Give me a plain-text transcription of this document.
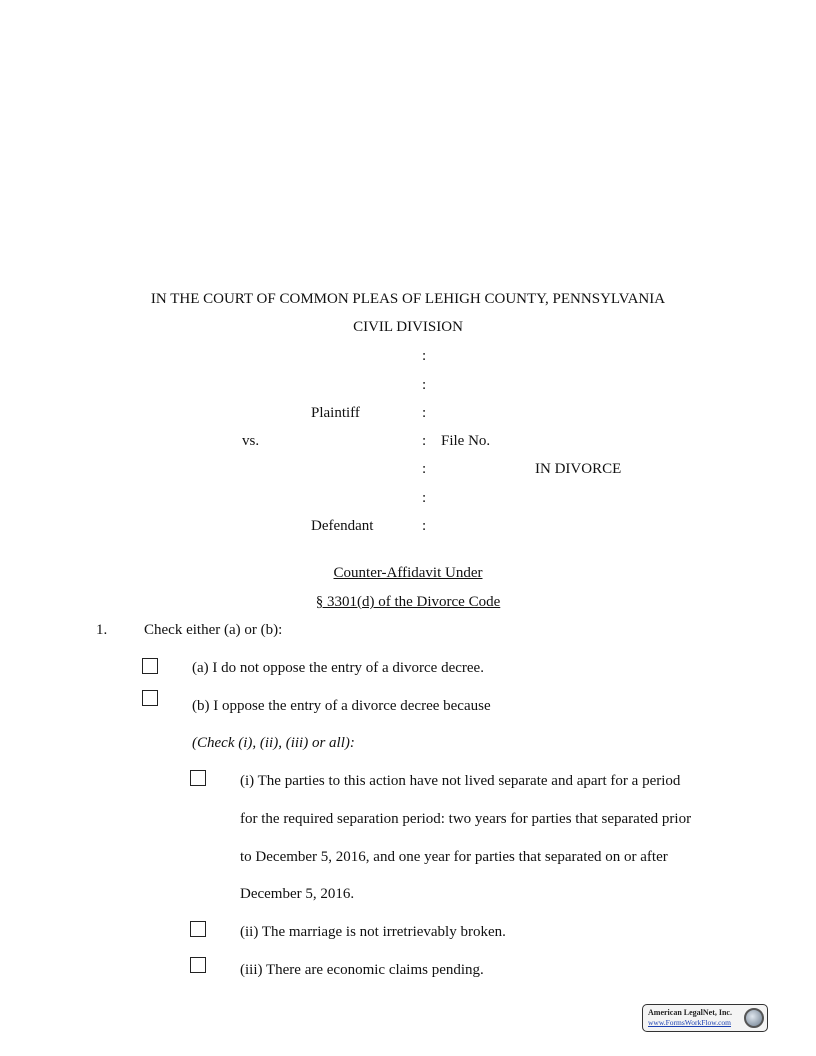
IN THE COURT OF COMMON PLEAS OF LEHIGH COUNTY, PENNSYLVANIA
CIVIL DIVISION
:
:
:
:
:
:
:
Plaintiff
vs.	File No.
IN DIVORCE
Defendant
Counter-Affidavit Under
§ 3301(d) of the Divorce Code
1. Check either (a) or (b):
(a) I do not oppose the entry of a divorce decree.
(b) I oppose the entry of a divorce decree because
(Check (i), (ii), (iii) or all):
(i) The parties to this action have not lived separate and apart for a period
for the required separation period: two years for parties that separated prior
to December 5, 2016, and one year for parties that separated on or after
December 5, 2016.
(ii) The marriage is not irretrievably broken.
(iii) There are economic claims pending.
American LegalNet, Inc.
www.FormsWorkFlow.com
